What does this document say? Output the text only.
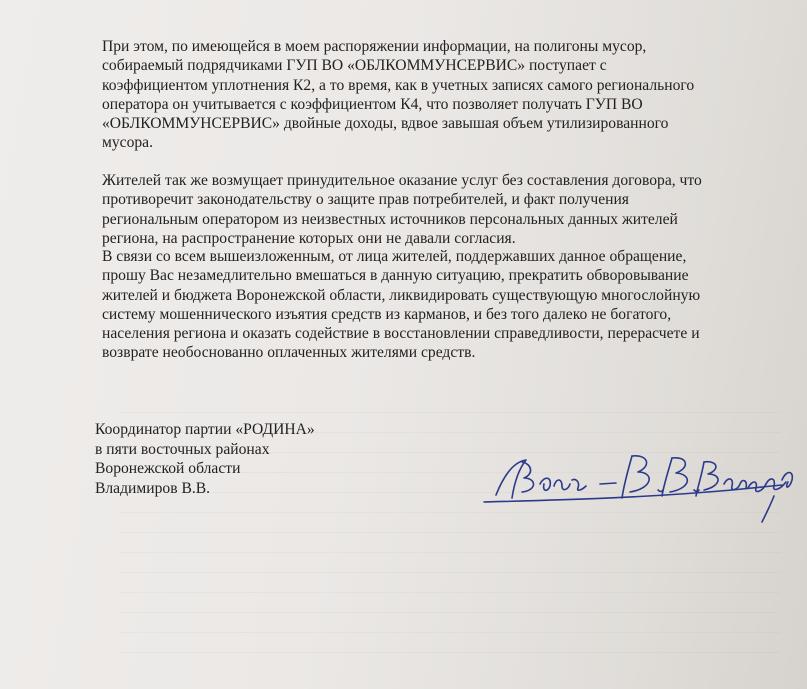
При этом, по имеющейся в моем распоряжении информации, на полигоны мусор,
собираемый подрядчиками ГУП ВО «ОБЛКОММУНСЕРВИС» поступает с
коэффициентом уплотнения К2, а то время, как в учетных записях самого регионального
оператора он учитывается с коэффициентом К4, что позволяет получать ГУП ВО
«ОБЛКОММУНСЕРВИС» двойные доходы, вдвое завышая объем утилизированного
мусора.
Жителей так же возмущает принудительное оказание услуг без составления договора, что
противоречит законодательству о защите прав потребителей, и факт получения
региональным оператором из неизвестных источников персональных данных жителей
региона, на распространение которых они не давали согласия.
В связи со всем вышеизложенным, от лица жителей, поддержавших данное обращение,
прошу Вас незамедлительно вмешаться в данную ситуацию, прекратить обворовывание
жителей и бюджета Воронежской области, ликвидировать существующую многослойную
систему мошеннического изъятия средств из карманов, и без того далеко не богатого,
населения региона и оказать содействие в восстановлении справедливости, перерасчете и
возврате необоснованно оплаченных жителями средств.
Координатор партии «РОДИНА»
в пяти восточных районах
Воронежской области
Владимиров В.В.
